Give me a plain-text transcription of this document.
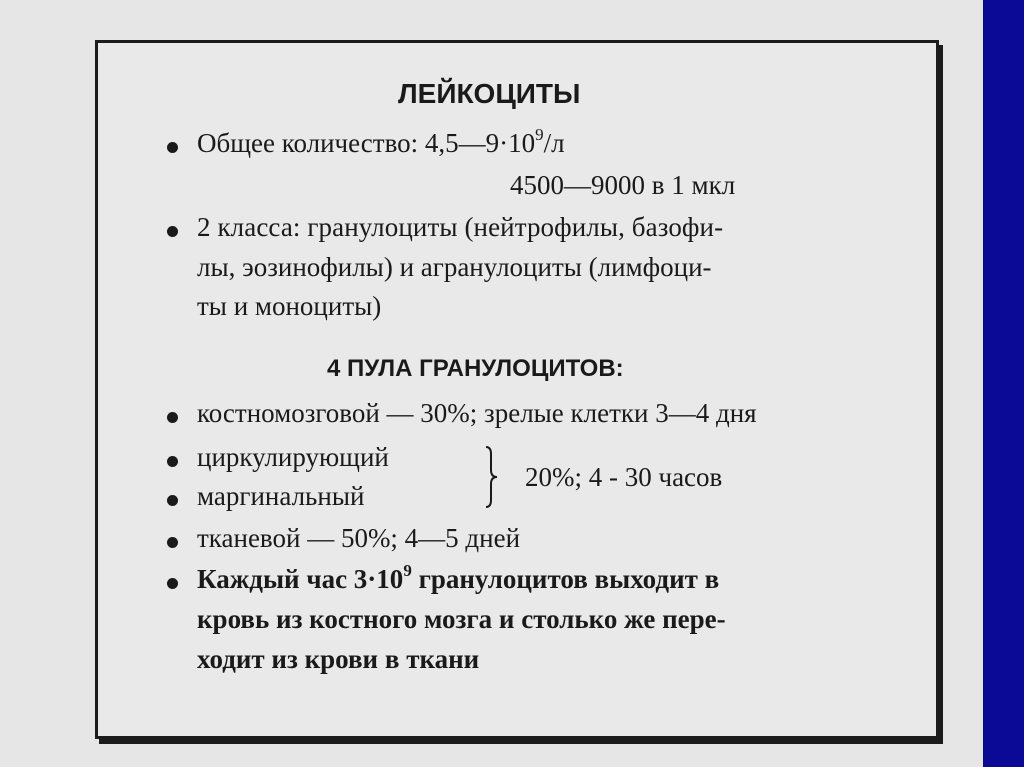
ЛЕЙКОЦИТЫ
Общее количество: $4,5—9\cdot 10^9/л$
4500—9000 в 1 мкл
2 класса: гранулоциты (нейтрофилы, базофи-
лы, эозинофилы) и агранулоциты (лимфоци-
ты и моноциты)
4 ПУЛА ГРАНУЛОЦИТОВ:
костномозговой — 30%; зрелые клетки 3—4 дня
циркулирующий
маргинальный
20%; 4 - 30 часов
тканевой — 50%; 4—5 дней
Каждый час $3\cdot 10^9$ гранулоцитов выходит в
кровь из костного мозга и столько же пере-
ходит из крови в ткани
